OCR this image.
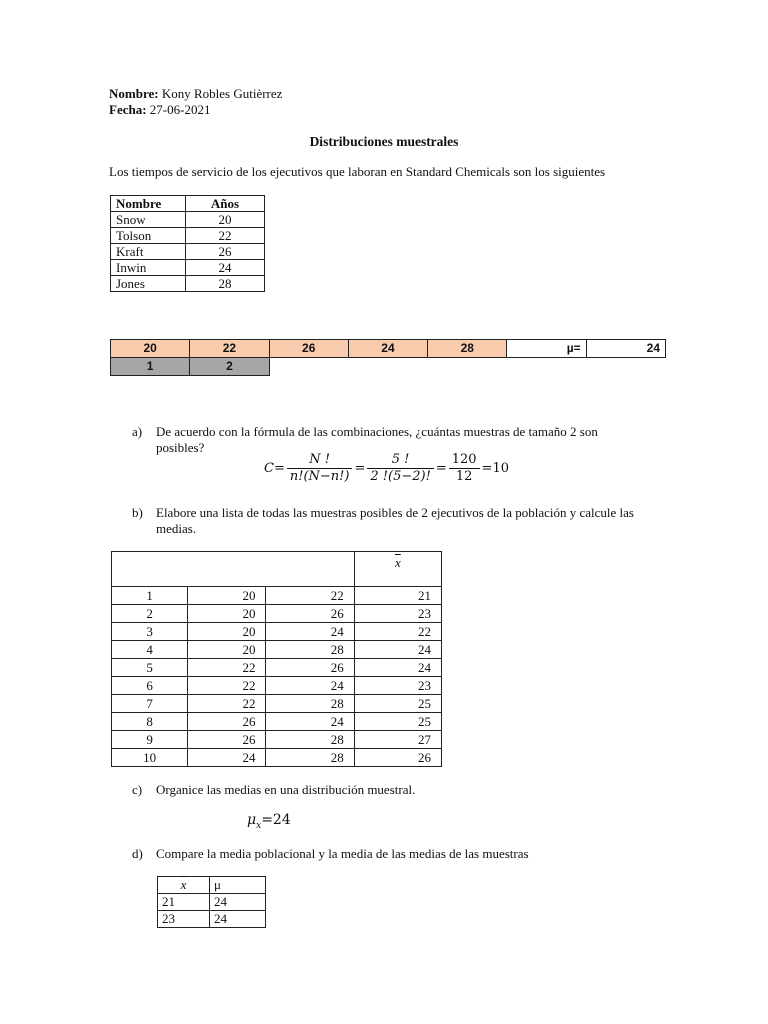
Nombre: Kony Robles Gutièrrez
Fecha: 27-06-2021
Distribuciones muestrales
Los tiempos de servicio de los ejecutivos que laboran en Standard Chemicals son los siguientes
Nombre	Años
Snow	20
Tolson	22
Kraft	26
Inwin	24
Jones	28
20	22	26	24	28	µ=	24
1	2					
a) De acuerdo con la fórmula de las combinaciones, ¿cuántas muestras de tamaño 2 son posibles?
$C= \frac{N !}{n!(N-n!)} = \frac{5 !}{2 !(5-2)!} = \frac{120}{12} =10$
b) Elabore una lista de todas las muestras posibles de 2 ejecutivos de la población y calcule las medias.
			$\overline{x}$
1	20	22	21
2	20	26	23
3	20	24	22
4	20	28	24
5	22	26	24
6	22	24	23
7	22	28	25
8	26	24	25
9	26	28	27
10	24	28	26
c) Organice las medias en una distribución muestral.
$\mu_x=24$
d) Compare la media poblacional y la media de las medias de las muestras
$\overline{x}$	μ
21	24
23	24
